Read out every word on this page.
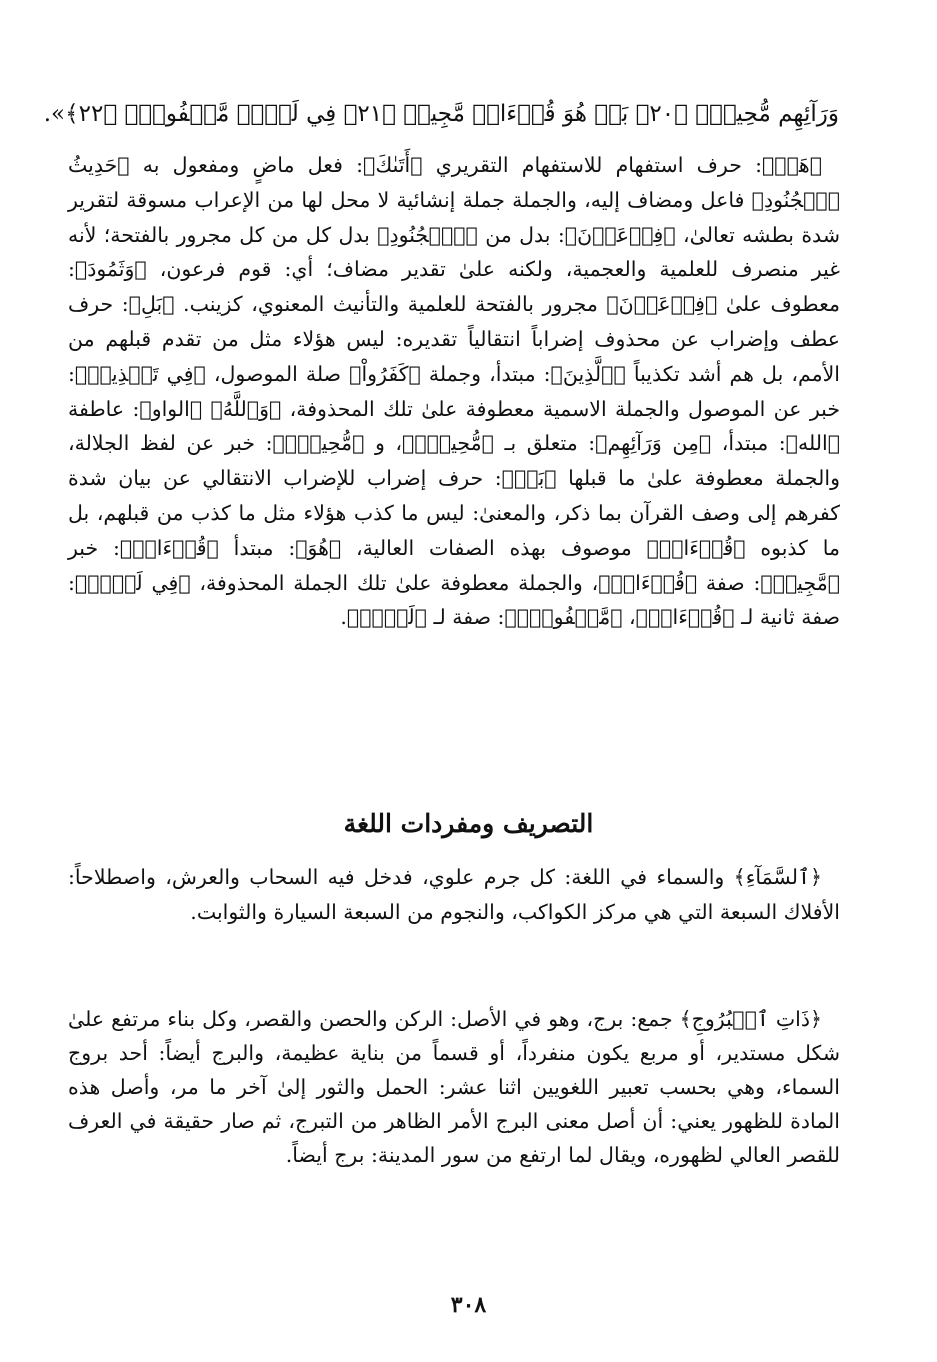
وَرَآئِهِم مُّحِيطُۢ ﴿٢٠﴾ بَلۡ هُوَ قُرۡءَانٞ مَّجِيدٞ ﴿٢١﴾ فِي لَوۡحٖ مَّحۡفُوظِۭ ﴿٢٢﴾».
﴿هَلۡ﴾: حرف استفهام للاستفهام التقريري ﴿أَتَىٰكَ﴾: فعل ماضٍ ومفعول به ﴿حَدِيثُ ٱلۡجُنُودِ﴾ فاعل ومضاف إليه، والجملة جملة إنشائية لا محل لها من الإعراب مسوقة لتقرير شدة بطشه تعالىٰ، ﴿فِرۡعَوۡنَ﴾: بدل من ﴿ٱلۡجُنُودِ﴾ بدل كل من كل مجرور بالفتحة؛ لأنه غير منصرف للعلمية والعجمية، ولكنه علىٰ تقدير مضاف؛ أي: قوم فرعون، ﴿وَثَمُودَ﴾: معطوف علىٰ ﴿فِرۡعَوۡنَ﴾ مجرور بالفتحة للعلمية والتأنيث المعنوي، كزينب. ﴿بَلِ﴾: حرف عطف وإضراب عن محذوف إضراباً انتقالياً تقديره: ليس هؤلاء مثل من تقدم قبلهم من الأمم، بل هم أشد تكذيباً ﴿ٱلَّذِينَ﴾: مبتدأ، وجملة ﴿كَفَرُواْ﴾ صلة الموصول، ﴿فِي تَكۡذِيبٖ﴾: خبر عن الموصول والجملة الاسمية معطوفة علىٰ تلك المحذوفة، ﴿وَٱللَّهُ﴾ ﴿الواو﴾: عاطفة ﴿الله﴾: مبتدأ، ﴿مِن وَرَآئِهِم﴾: متعلق بـ ﴿مُّحِيطُۢ﴾، و ﴿مُّحِيطُۢ﴾: خبر عن لفظ الجلالة، والجملة معطوفة علىٰ ما قبلها ﴿بَلۡ﴾: حرف إضراب للإضراب الانتقالي عن بيان شدة كفرهم إلى وصف القرآن بما ذكر، والمعنىٰ: ليس ما كذب هؤلاء مثل ما كذب من قبلهم، بل ما كذبوه ﴿قُرۡءَانٞ﴾ موصوف بهذه الصفات العالية، ﴿هُوَ﴾: مبتدأ ﴿قُرۡءَانٞ﴾: خبر ﴿مَّجِيدٞ﴾: صفة ﴿قُرۡءَانٞ﴾، والجملة معطوفة علىٰ تلك الجملة المحذوفة، ﴿فِي لَوۡحٖ﴾: صفة ثانية لـ ﴿قُرۡءَانٞ﴾، ﴿مَّحۡفُوظِۭ﴾: صفة لـ ﴿لَوۡحٖ﴾.
التصريف ومفردات اللغة
﴿ٱلسَّمَآءِ﴾ والسماء في اللغة: كل جرم علوي، فدخل فيه السحاب والعرش، واصطلاحاً: الأفلاك السبعة التي هي مركز الكواكب، والنجوم من السبعة السيارة والثوابت.
﴿ذَاتِ ٱلۡبُرُوجِ﴾ جمع: برج، وهو في الأصل: الركن والحصن والقصر، وكل بناء مرتفع علىٰ شكل مستدير، أو مربع يكون منفرداً، أو قسماً من بناية عظيمة، والبرج أيضاً: أحد بروج السماء، وهي بحسب تعبير اللغويين اثنا عشر: الحمل والثور إلىٰ آخر ما مر، وأصل هذه المادة للظهور يعني: أن أصل معنى البرج الأمر الظاهر من التبرج، ثم صار حقيقة في العرف للقصر العالي لظهوره، ويقال لما ارتفع من سور المدينة: برج أيضاً.
٣٠٨
